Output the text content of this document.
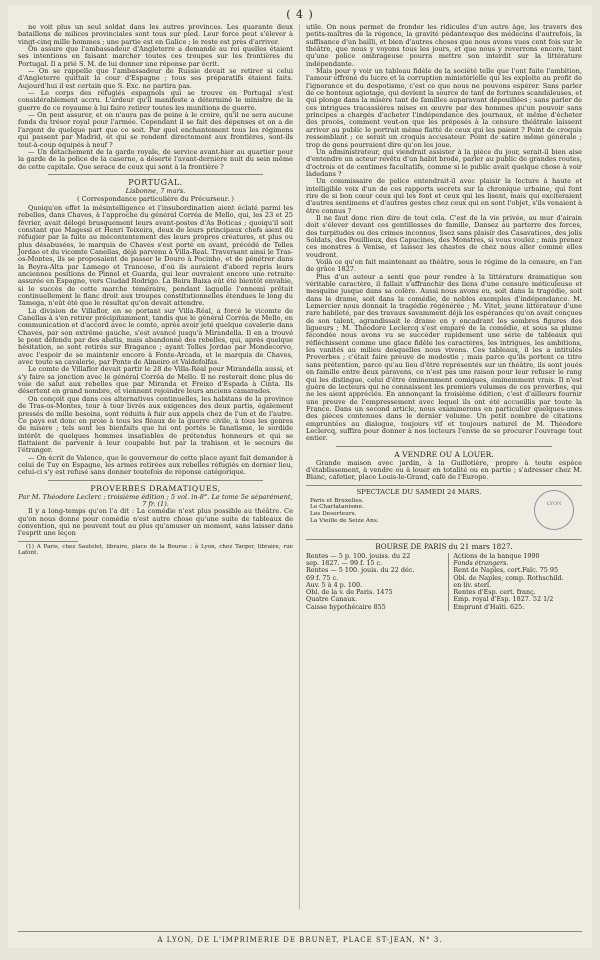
( 4 )

ne voit plus un seul soldat dans les autres provinces. Les quarante deux bataillons de milices provinciales sont tous sur pied. Leur force peut s'élever à vingt-cinq mille hommes ; une partie est en Galice ; le reste est près d'arriver.

On assure que l'ambassadeur d'Angleterre a demandé au roi quelles étaient ses intentions en faisant marcher toutes ces troupes sur les frontières du Portugal. Il a prié S. M. de lui donner une réponse par écrit.

— On se rappelle que l'ambassadeur de Russie devait se retirer si celui d'Angleterre quittait la cour d'Espagne ; tous ses préparatifs étaient faits. Aujourd'hui il est certain que S. Exc. ne partira pas.

— Le corps des réfugiés espagnols qui se trouve en Portugal s'est considérablement accru. L'ardeur qu'il manifeste a déterminé le ministre de la guerre de ce royaume à lui faire retirer toutes les munitions de guerre.

— On peut assurer, et on n'aura pas de peine à le croire, qu'il ne sera aucune fonds du trésor royal pour l'armée. Cependant il se fait des dépenses et on a de l'argent de quelque part que ce soit. Par quel enchantement tous les régimens qui passent par Madrid, et qui se rendent directement aux frontières, sont-ils tout-à-coup équipés à neuf ?

— Un détachement de la garde royale, de service avant-hier au quartier pour la garde de la police de la caserne, a déserté l'avant-dernière nuit du sein même de cette capitale. Que serace de ceux qui sont à la frontière ?

PORTUGAL.

Lisbonne, 7 mars.

( Correspondance particulière du Précurseur. )

Quoiqu'en effet la mésintelligence et l'insubordination aient éclaté parmi les rebelles, dans Chaves, à l'approche du général Corréa de Mello, qui, les 23 et 25 février, avait délogé brusquement leurs avant-postes d'As Boticas ; quoiqu'il soit constant que Magessi et Henri Teixeira, deux de leurs principaux chefs aient dû réfugier par la fuite au mécontentement des leurs propres créatures, et plus ou plus désabusées, le marquis de Chaves s'est porté en avant, précédé de Telles Jordao et du vicomte Canellas, déjà parvenu à Villa-Real. Traversant ainsi le Tras-os-Montes, ils se proposaient de passer le Douro à Pocinho, et de pénétrer dans la Beyra-Alta par Lamego et Trancoso, d'où ils auraient d'abord repris leurs anciennes positions de Pinnel et Guarda, qui leur ouvraient encore une retraite assurée en Espagne, vers Ciudad Rodrigo. La Beira Baixa eût été bientôt envahie, si le succès de cette marche téméraire, pendant laquelle l'ennemi prêtait continuellement le flanc droit aux troupes constitutionnelles étendues le long du Tamega, n'eût été que le résultat qu'on devait attendre.

La division de Villaflor, en se portant sur Villa-Réal, a forcé le vicomte de Canellas à s'en retirer précipitamment, tandis que le général Corréa de Mello, en communication et d'accord avec le comte, après avoir jeté quelque cavalerie dans Chaves, par son extrême gauche, s'est avancé jusqu'à Mirandella. Il en a trouvé le pont défendu par des abatis, mais abandonné des rebelles, qui, après quelque hésitation, se sont retirés sur Bragance ; ayant Telles Jordao par Mondecorvo, avec l'espoir de se maintenir encore à Fonte-Arcada, et le marquis de Chaves, avec toute sa cavalerie, par Ponte de Almeiro et Valdefolfas.

Le comte de Villaflor devait partir le 28 de Villa-Réal pour Mirandella aussi, et s'y faire sa jonction avec le général Corréa de Mello. Il ne resterait donc plus de voie de salut aux rebelles que par Miranda et Freixo d'Espada à Cinta. Ils désertent en grand nombre, et viennent rejoindre leurs anciens camarades.

On conçoit que dans ces alternatives continuelles, les habitans de la province de Tras-os-Montes, tour à tour livrés aux exigences des deux partis, également pressés de mille besoins, sont réduits à fuir aux appels chez de l'un et de l'autre. Ce pays est donc en proie à tous les fléaux de la guerre civile, à tous les genres de misère ; tels sont les bienfaits que lui ont portés le fanatisme, le sordide intérêt de quelques hommes insatiables de prétendus honneurs et qui se flattaient de parvenir à leur coupable but par la trahison et le secours de l'étranger.

— On écrit de Valence, que le gouverneur de cette place ayant fait demander à celui de Tuy en Espagne, les armes retirées aux rebelles réfugiés en dernier lieu, celui-ci s'y est refusé sans donner toutefois de réponse catégorique.

PROVERBES DRAMATIQUES,

Par M. Théodore Leclerc ; troisième édition ; 5 vol. in-8°. Le tome 5e séparément, 7 fr. (1).

Il y a long-temps qu'on l'a dit : La comédie n'est plus possible au théâtre. Ce qu'on nous donne pour comédie n'est autre chose qu'une suite de tableaux de convention, qui ne peuvent tout au plus qu'amuser un moment, sans laisser dans l'esprit une leçon

(1) A Paris, chez Sautelet, libraire, place de la Bourse ; à Lyon, chez Targer, libraire, rue Lafont.

utile. On nous permet de fronder les ridicules d'un autre âge, les travers des petits-maîtres de la régence, la gravité pédantesque des médecins d'autrefois, la suffisance d'un bailli, et bien d'autres choses que nous avons vues cent fois sur le théâtre, que nous y voyons tous les jours, et que nous y reverrons encore, tant qu'une police ombrageuse pourra mettre son interdit sur la littérature indépendante.

Mais pour y voir un tableau fidèle de la société telle que l'ont faite l'ambition, l'amour effréné du lucre et la corruption ministérielle qui les exploite au profit de l'ignorance et du despotisme, c'est ce que nous ne pouvons espérer. Sans parler de ce honteux agiotage, qui devient la source de tant de fortunes scandaleuses, et qui plonge dans la misère tant de familles auparavant dépouillées ; sans parler de ces intrigues tracassières mises en œuvre par des hommes qu'un pouvoir sans principes a chargés d'acheter l'indépendance des journaux, et même d'écheter des procès, comment veut-on que les préposés à la censure théâtrale laissent arriver au public le portrait même flatté de ceux qui les paient ? Point de croquis ressemblant ; ce serait un croquis accusateur. Point de satire même générale ; trop de gens pourraient dire qu'on les joue.

Un administrateur, qui viendrait assister à la pièce du jour, serait-il bien aise d'entendre un acteur revêtu d'un habit brodé, parler au public de grandes routes, d'octrois et de centimes facultatifs, comme si le public avait quelque chose à voir làdedans ?

Un commissaire de police entendrait-il avec plaisir la lecture à haute et intelligible voix d'un de ces rapports secrets sur la chronique urbaine, qui font rire de si bon cœur ceux qui les font et ceux qui les lisent, mais qui exciteraient d'autres sentimens et d'autres gestes chez ceux qui en sont l'objet, s'ils venaient à être connus ?

Il ne faut donc rien dire de tout cela. C'est de la vie privée, au mur d'airain doit s'élever devant ces gentillesses de famille, Dansez au parterre des forces, des turpitudes ou des crimes inconnus, lisez sans plaisir des Casavatices, des jolis Soldats, des Pouillieux, des Capucines, des Monstres, si vous voulez ; mais prenez ces monstres à Venise, et laissez les chastes de chez nous aller comme elles voudront.

Voilà ce qu'on fait maintenant au théâtre, sous le régime de la censure, en l'an de grâce 1827.

Plus d'un auteur a senti que pour rendre à la littérature dramatique son véritable caractère, il fallait s'affranchir des liens d'une censure méticuleuse et mesquine jusque dans sa colère. Aussi nous avons eu, soit dans la tragédie, soit dans le drame, soit dans la comédie, de nobles exemples d'indépendance. M. Lemercier nous donnait la tragédie régénérée ; M. Vitet, jeune littérateur d'une rare habileté, par des travaux savamment déjà les espérances qu'on avait conçues de son talent, agrandissait le drame en y encadrant les sombres figures des ligueurs ; M. Théodore Leclercq s'est emparé de la comédie, et sous sa plume fécondée nous avons vu se succéder rapidement une série de tableaux qui réfléchissent comme une glace fidèle les caractères, les intrigues, les ambitions, les vanités au milieu desquelles nous vivons. Ces tableaux, il les a intitulés Proverbes ; c'était faire preuve de modestie ; mais parce qu'ils portent ce titre sans prétention, parce qu'au lieu d'être représentés sur un théâtre, ils sont joués en famille entre deux paravens, ce n'est pas une raison pour leur refuser le rang qui les distingue, celui d'être éminemment comiques, éminemment vrais. Il n'est guère de lecteurs qui ne connaissent les premiers volumes de ces proverbes, qui ne les aient appréciés. En annonçant la troisième édition, c'est d'ailleurs fournir une preuve de l'empressement avec lequel ils ont été accueillis par toute la France. Dans un second article, nous examinerons en particulier quelques-unes des pièces contenues dans le dernier volume. Un petit nombre de citations empruntées au dialogue, toujours vif et toujours naturel de M. Théodore Leclercq, suffira pour donner à nos lecteurs l'envie de se procurer l'ouvrage tout entier.

A VENDRE OU A LOUER.

Grande maison avec jardin, à la Guillotière, propre à toute espèce d'établissement, à vendre ou à louer en totalité ou en partie ; s'adresser chez M. Blanc, cafetier, place Louis-le-Grand, café de l'Europe.

SPECTACLE DU SAMEDI 24 MARS.

Paris et Bruxelles.
Le Charlatanisme.
Les Deserteurs.
La Vieille de Seize Ans.
LYON

BOURSE DE PARIS du 21 mars 1827.

Rentes — 5 p. 100. jouiss. du 22
sep. 1827. — 99 f. 15 c.
Rentes — 5 100. jouis. du 22 déc.
69 f. 75 c.
Auv. 5 à 4 p. 100.
Obl. de la v. de Paris. 1475
Quatre Canaux.
Caisse hypothécaire 855
Actions de la banque 1990
Fonds étrangers.
Rent de Naples, cert.Falc. 75 95
Obl. de Naples, comp. Rothschild.
en liv. sterl.
Rentes d'Esp. cert. franç.
Emp. royal d'Esp. 1827. 52 1/2
Emprunt d'Haïti. 625.
A LYON, DE L'IMPRIMERIE DE BRUNET, PLACE ST-JEAN, N° 3.
